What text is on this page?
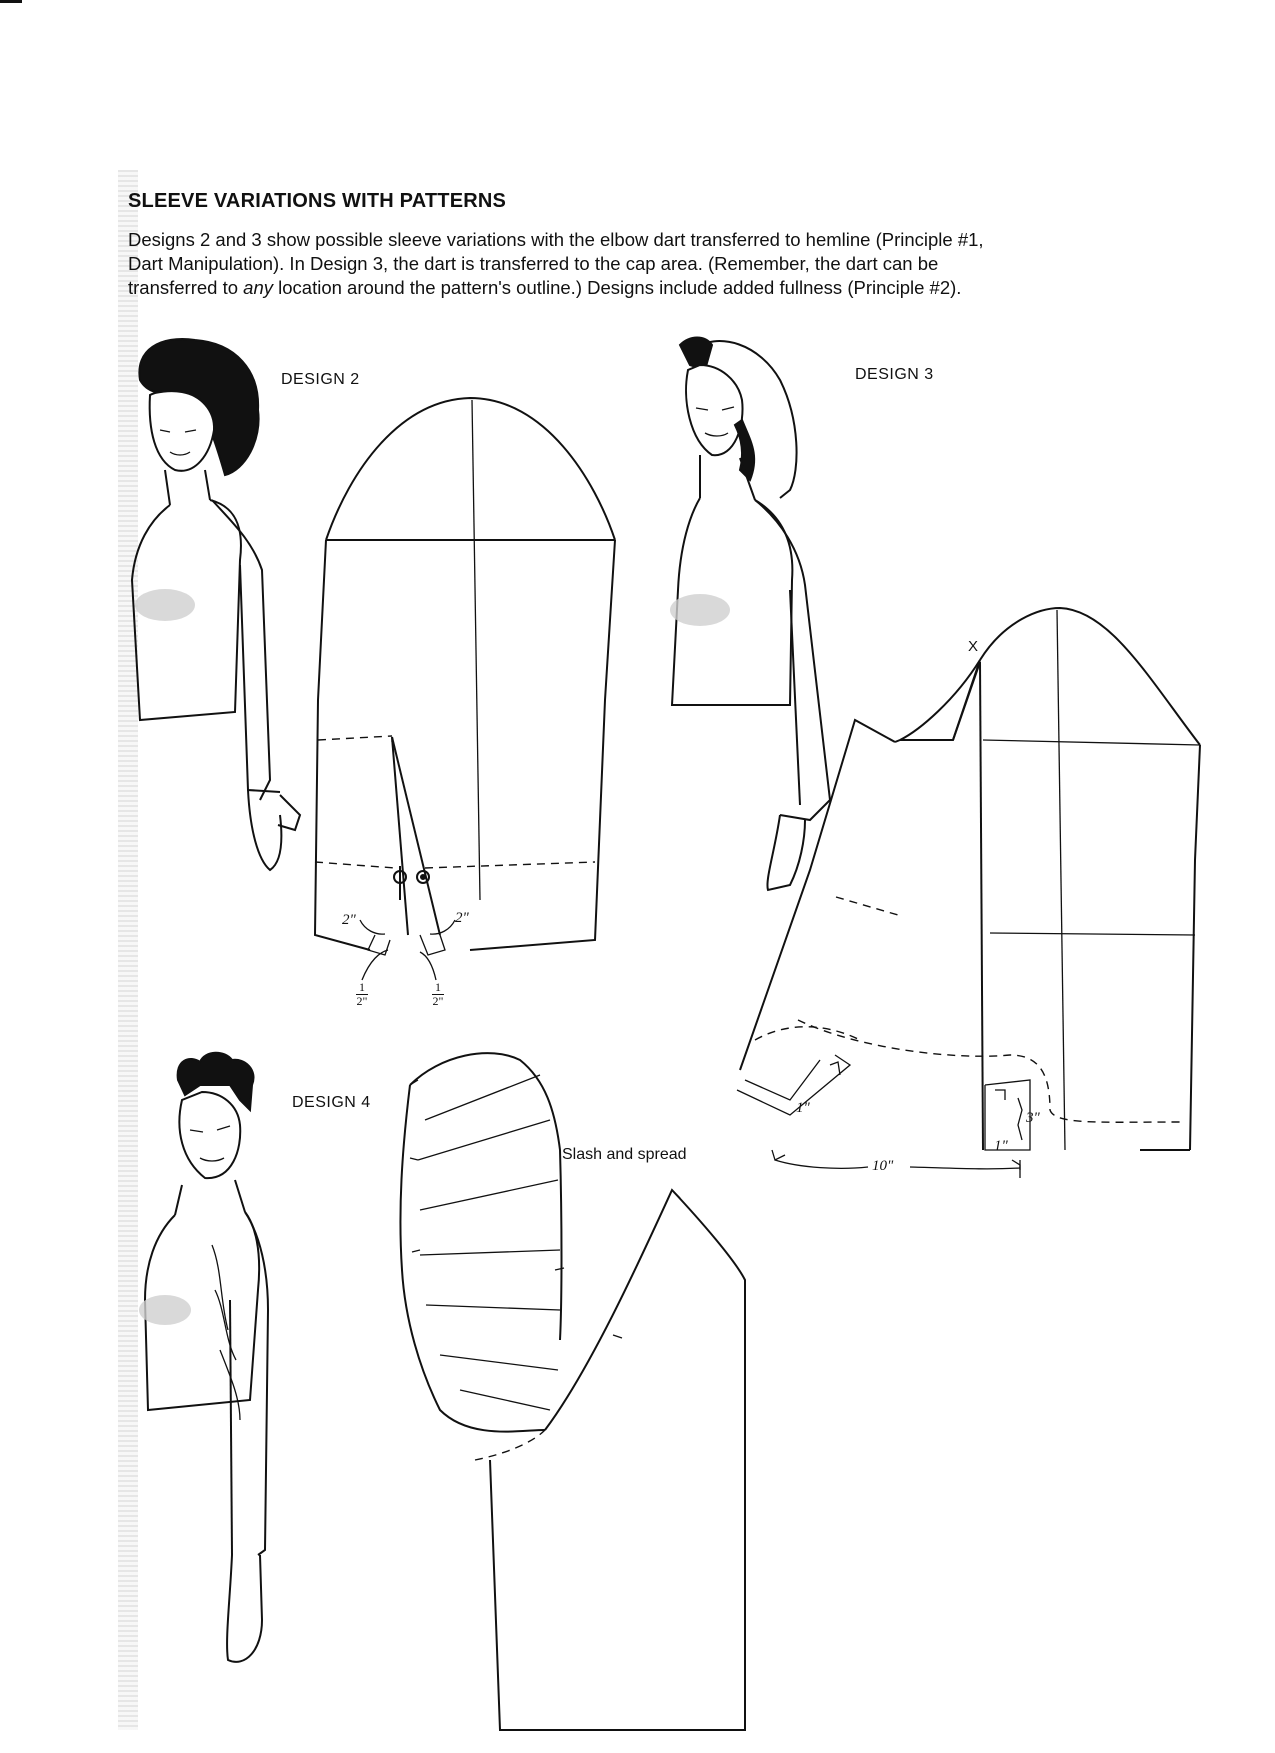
SLEEVE VARIATIONS WITH PATTERNS

Designs 2 and 3 show possible sleeve variations with the elbow dart transferred to hemline (Principle #1,
Dart Manipulation). In Design 3, the dart is transferred to the cap area. (Remember, the dart can be
transferred to any location around the pattern's outline.) Designs include added fullness (Principle #2).

DESIGN 2	DESIGN 3
DESIGN 4
Slash and spread
2"	2"
1
2"
1
2"
X
1"
3"
1"
10"
